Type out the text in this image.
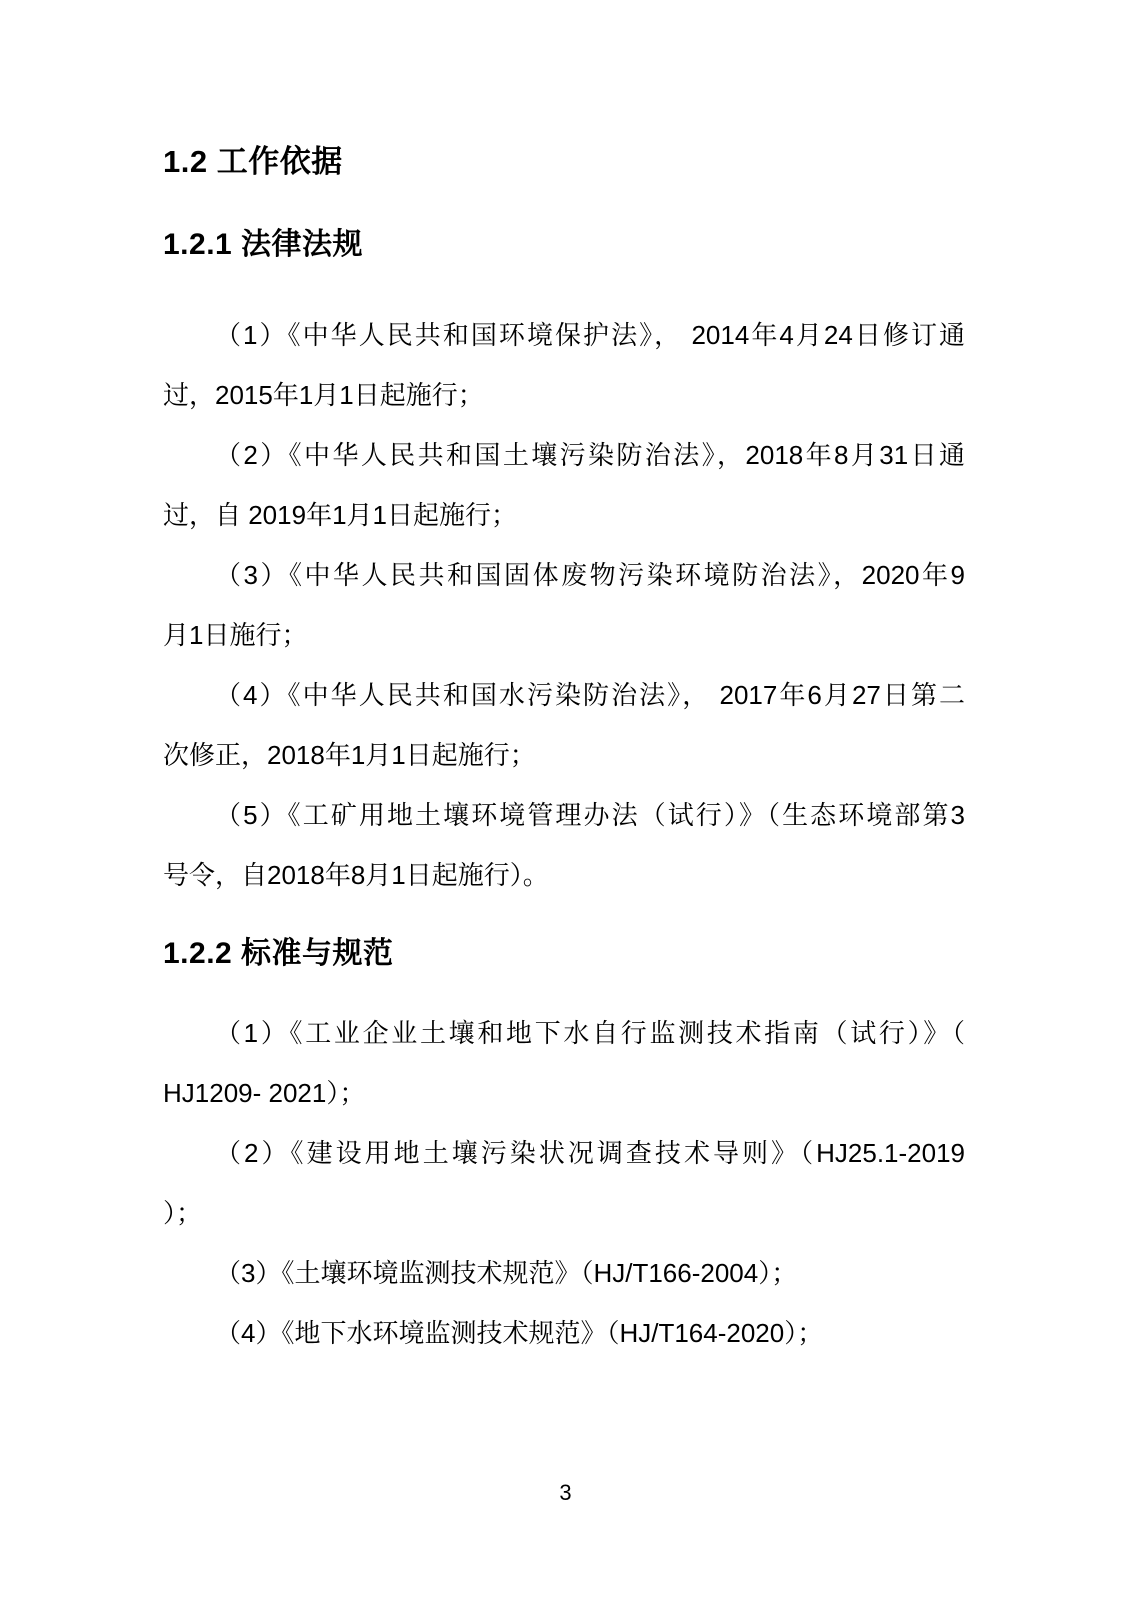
1.2 工作依据
1.2.1 法律法规
（1）《中华人民共和国环境保护法》， 2014年4月24日修订通
过，2015年1月1日起施行；
（2）《中华人民共和国土壤污染防治法》，2018年8月31日通
过，自 2019年1月1日起施行；
（3）《中华人民共和国固体废物污染环境防治法》，2020年9
月1日施行；
（4）《中华人民共和国水污染防治法》， 2017年6月27日第二
次修正，2018年1月1日起施行；
（5）《工矿用地土壤环境管理办法（试行）》（生态环境部第3
号令，自2018年8月1日起施行）。
1.2.2 标准与规范
（1）《工业企业土壤和地下水自行监测技术指南（试行）》（
HJ1209- 2021）；
（2）《建设用地土壤污染状况调查技术导则》（HJ25.1-2019
）；
（3）《土壤环境监测技术规范》（HJ/T166-2004）；
（4）《地下水环境监测技术规范》（HJ/T164-2020）；
3
